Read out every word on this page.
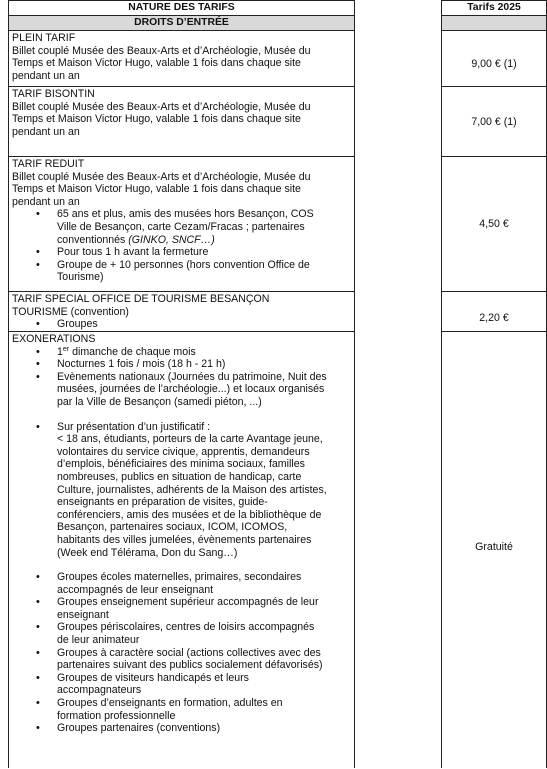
NATURE DES TARIFS
DROITS D’ENTRÉE

PLEIN TARIF

Billet couplé Musée des Beaux-Arts et d’Archéologie, Musée du

Temps et Maison Victor Hugo, valable 1 fois dans chaque site

pendant un an

TARIF BISONTIN

Billet couplé Musée des Beaux-Arts et d’Archéologie, Musée du

Temps et Maison Victor Hugo, valable 1 fois dans chaque site

pendant un an

TARIF REDUIT

Billet couplé Musée des Beaux-Arts et d’Archéologie, Musée du

Temps et Maison Victor Hugo, valable 1 fois dans chaque site

pendant un an

• 65 ans et plus, amis des musées hors Besançon, COS
Ville de Besançon, carte Cezam/Fracas ; partenaires
conventionnés (GINKO, SNCF…)
• Pour tous 1 h avant la fermeture
• Groupe de + 10 personnes (hors convention Office de
Tourisme)

TARIF SPECIAL OFFICE DE TOURISME BESANÇON

TOURISME (convention)

• Groupes

EXONERATIONS

• 1er dimanche de chaque mois
• Nocturnes 1 fois / mois (18 h - 21 h)
• Evènements nationaux (Journées du patrimoine, Nuit des
musées, journées de l’archéologie...) et locaux organisés
par la Ville de Besançon (samedi piéton, ...)
• Sur présentation d’un justificatif :
< 18 ans, étudiants, porteurs de la carte Avantage jeune,
volontaires du service civique, apprentis, demandeurs
d’emplois, bénéficiaires des minima sociaux, familles
nombreuses, publics en situation de handicap, carte
Culture, journalistes, adhérents de la Maison des artistes,
enseignants en préparation de visites, guide-
conférenciers, amis des musées et de la bibliothèque de
Besançon, partenaires sociaux, ICOM, ICOMOS,
habitants des villes jumelées, évènements partenaires
(Week end Télérama, Don du Sang…)
• Groupes écoles maternelles, primaires, secondaires
accompagnés de leur enseignant
• Groupes enseignement supérieur accompagnés de leur
enseignant
• Groupes périscolaires, centres de loisirs accompagnés
de leur animateur
• Groupes à caractère social (actions collectives avec des
partenaires suivant des publics socialement défavorisés)
• Groupes de visiteurs handicapés et leurs
accompagnateurs
• Groupes d’enseignants en formation, adultes en
formation professionnelle
• Groupes partenaires (conventions)
Tarifs 2025
9,00 € (1)
7,00 € (1)
4,50 €
2,20 €
Gratuité
